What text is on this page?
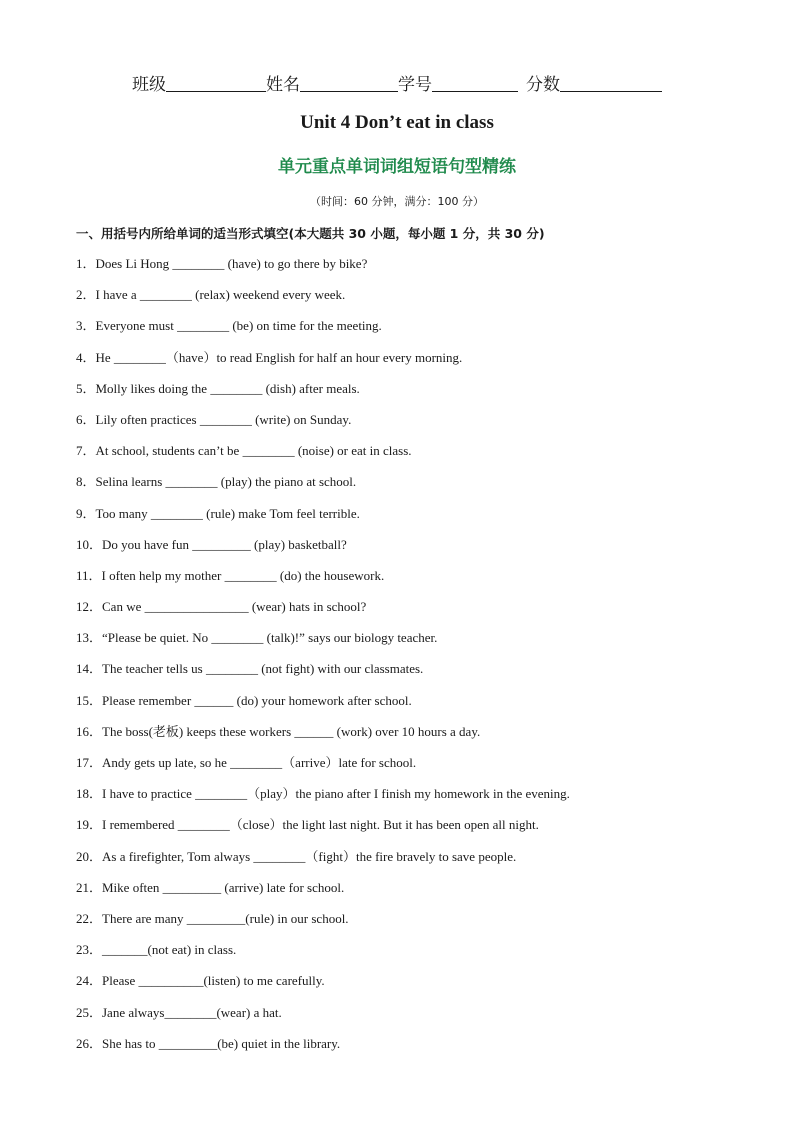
班级	姓名	学号	分数
Unit 4 Don’t eat in class
单元重点单词词组短语句型精练
（时间：60 分钟，满分：100 分）
一、用括号内所给单词的适当形式填空(本大题共 30 小题，每小题 1 分，共 30 分)
1．Does Li Hong ________ (have) to go there by bike?
2．I have a ________ (relax) weekend every week.
3．Everyone must ________ (be) on time for the meeting.
4．He ________（have）to read English for half an hour every morning.
5．Molly likes doing the ________ (dish) after meals.
6．Lily often practices ________ (write) on Sunday.
7．At school, students can’t be ________ (noise) or eat in class.
8．Selina learns ________ (play) the piano at school.
9．Too many ________ (rule) make Tom feel terrible.
10．Do you have fun _________ (play) basketball?
11．I often help my mother ________ (do) the housework.
12．Can we ________________ (wear) hats in school?
13．“Please be quiet. No ________ (talk)!” says our biology teacher.
14．The teacher tells us ________ (not fight) with our classmates.
15．Please remember ______ (do) your homework after school.
16．The boss(老板) keeps these workers ______ (work) over 10 hours a day.
17．Andy gets up late, so he ________（arrive）late for school.
18．I have to practice ________（play）the piano after I finish my homework in the evening.
19．I remembered ________（close）the light last night. But it has been open all night.
20．As a firefighter, Tom always ________（fight）the fire bravely to save people.
21．Mike often _________ (arrive) late for school.
22．There are many _________(rule) in our school.
23．_______(not eat) in class.
24．Please __________(listen) to me carefully.
25．Jane always________(wear) a hat.
26．She has to _________(be) quiet in the library.
